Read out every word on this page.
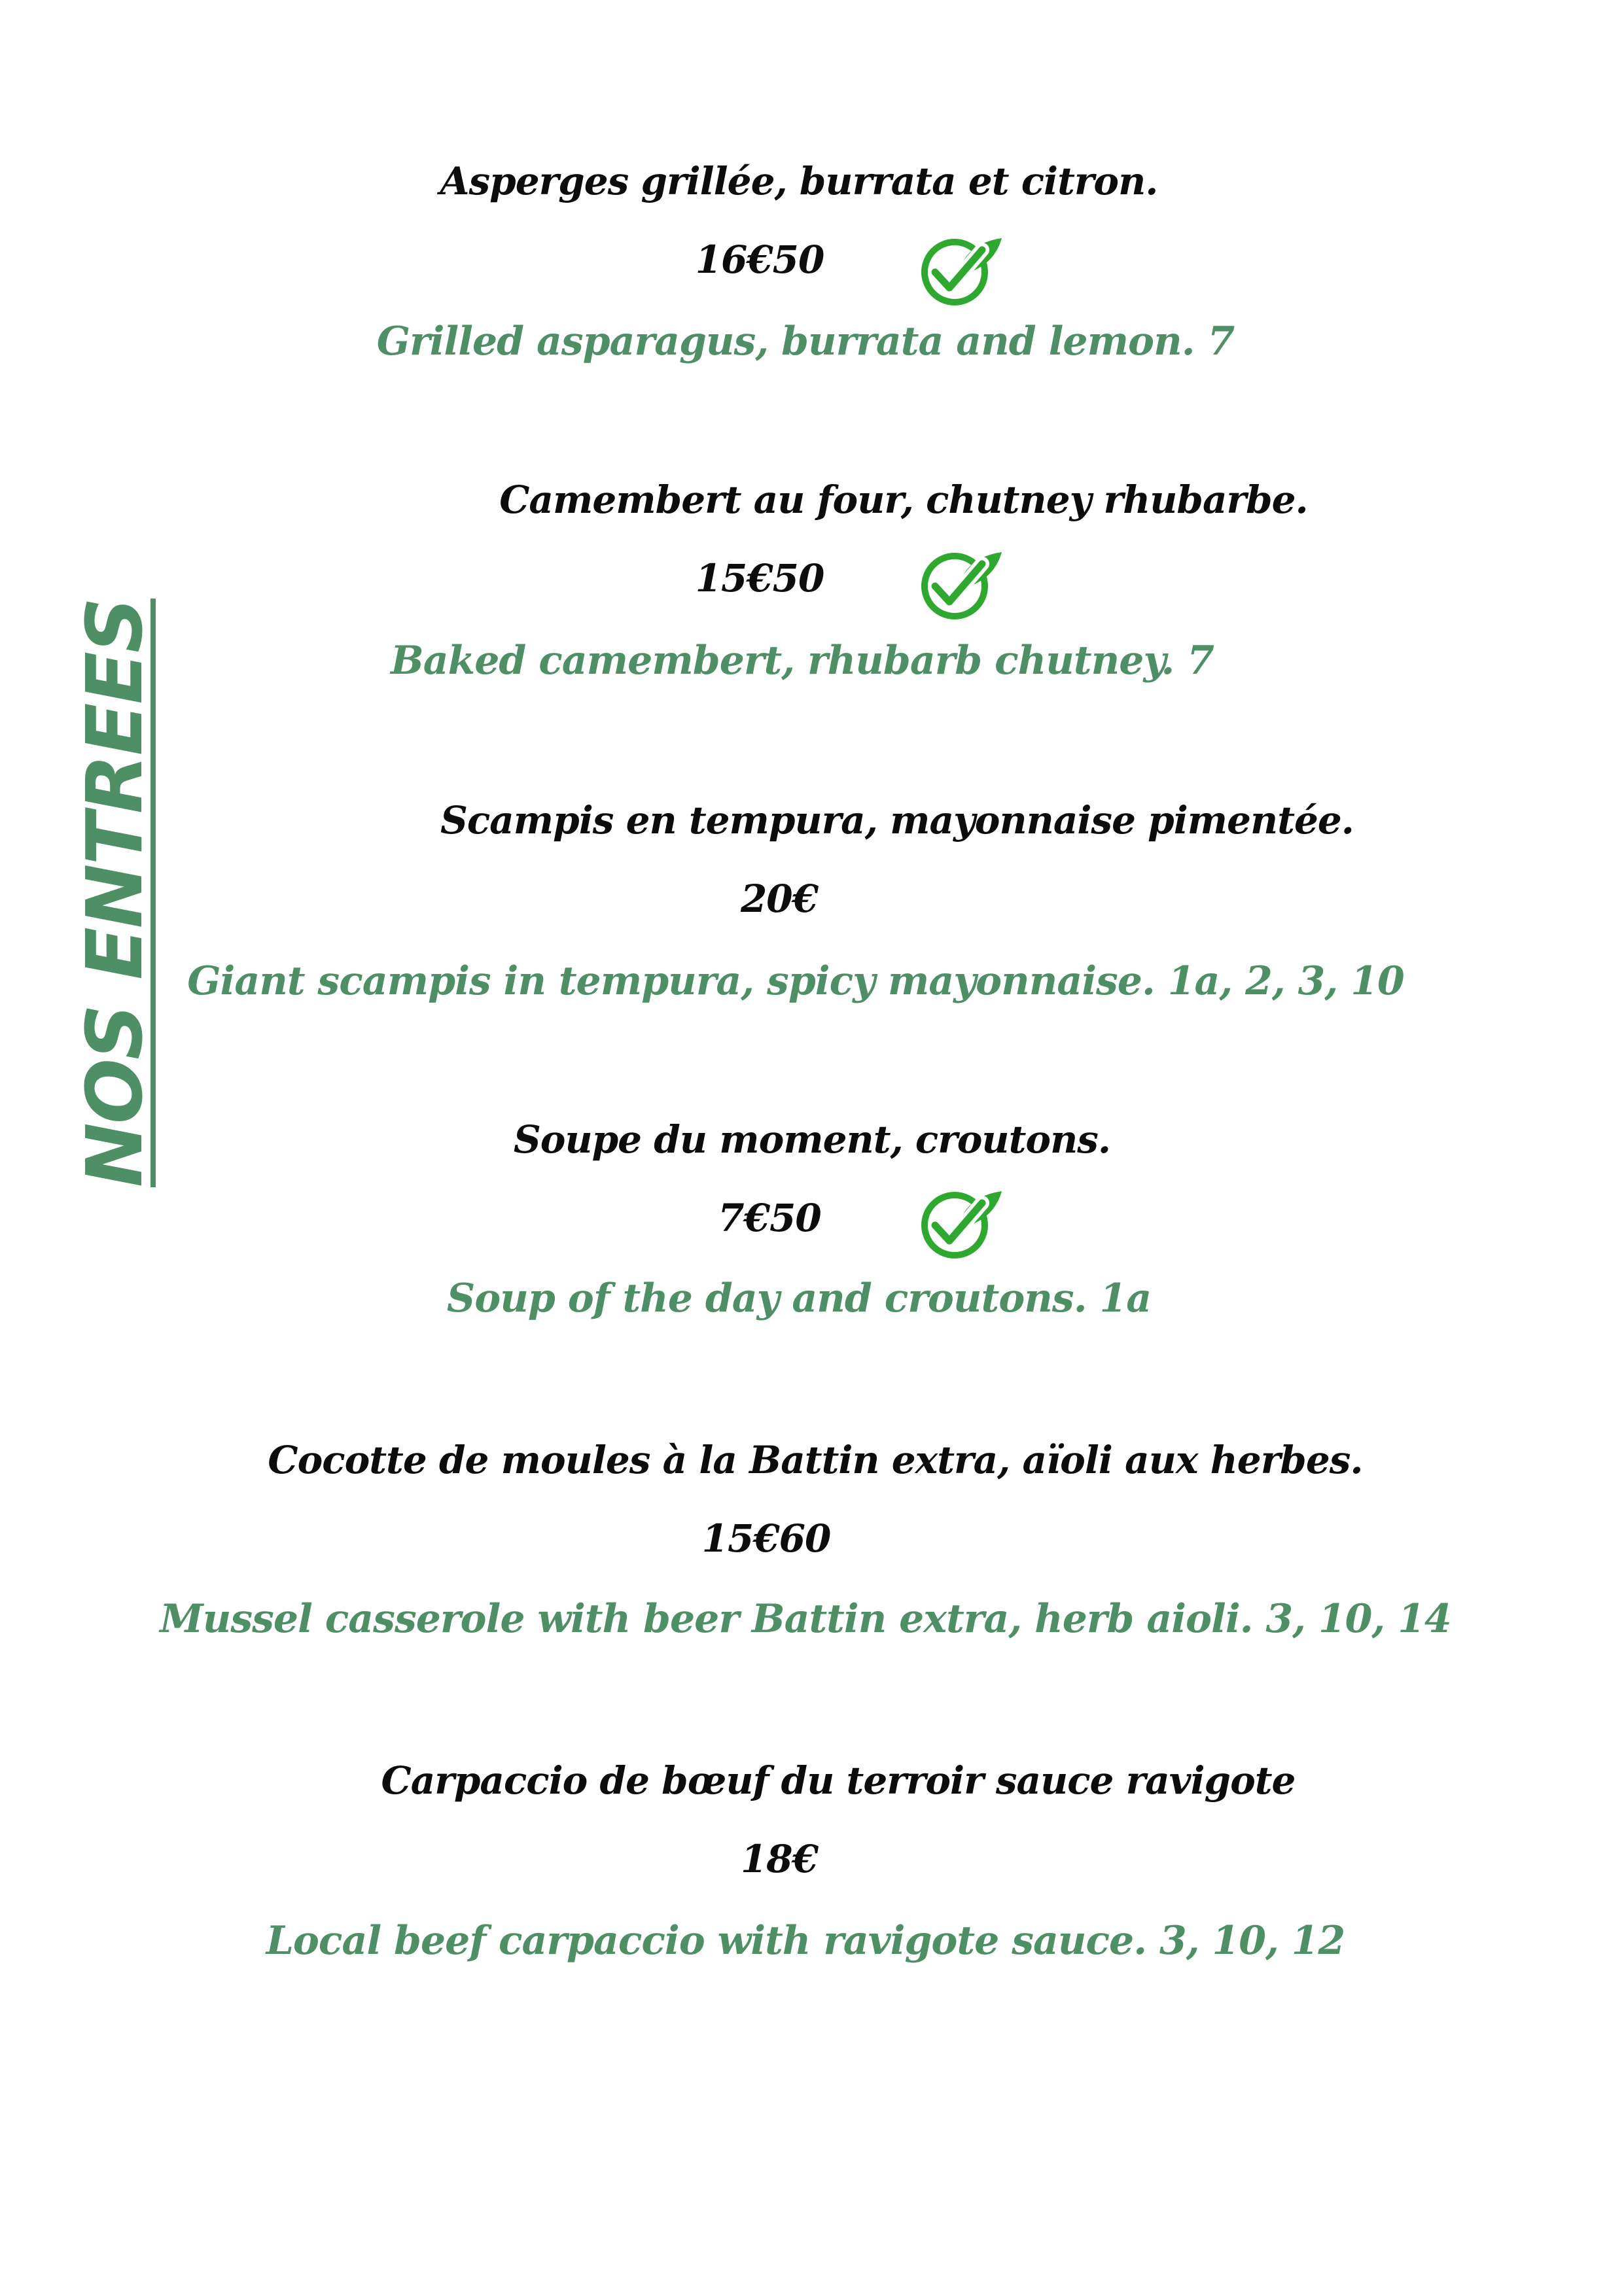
NOS ENTREES
Asperges grillée, burrata et citron.
16€50
Grilled asparagus, burrata and lemon. 7
Camembert au four, chutney rhubarbe.
15€50
Baked camembert, rhubarb chutney. 7
Scampis en tempura, mayonnaise pimentée.
20€
Giant scampis in tempura, spicy mayonnaise. 1a, 2, 3, 10
Soupe du moment, croutons.
7€50
Soup of the day and croutons. 1a
Cocotte de moules à la Battin extra, aïoli aux herbes.
15€60
Mussel casserole with beer Battin extra, herb aioli. 3, 10, 14
Carpaccio de bœuf du terroir sauce ravigote
18€
Local beef carpaccio with ravigote sauce. 3, 10, 12
